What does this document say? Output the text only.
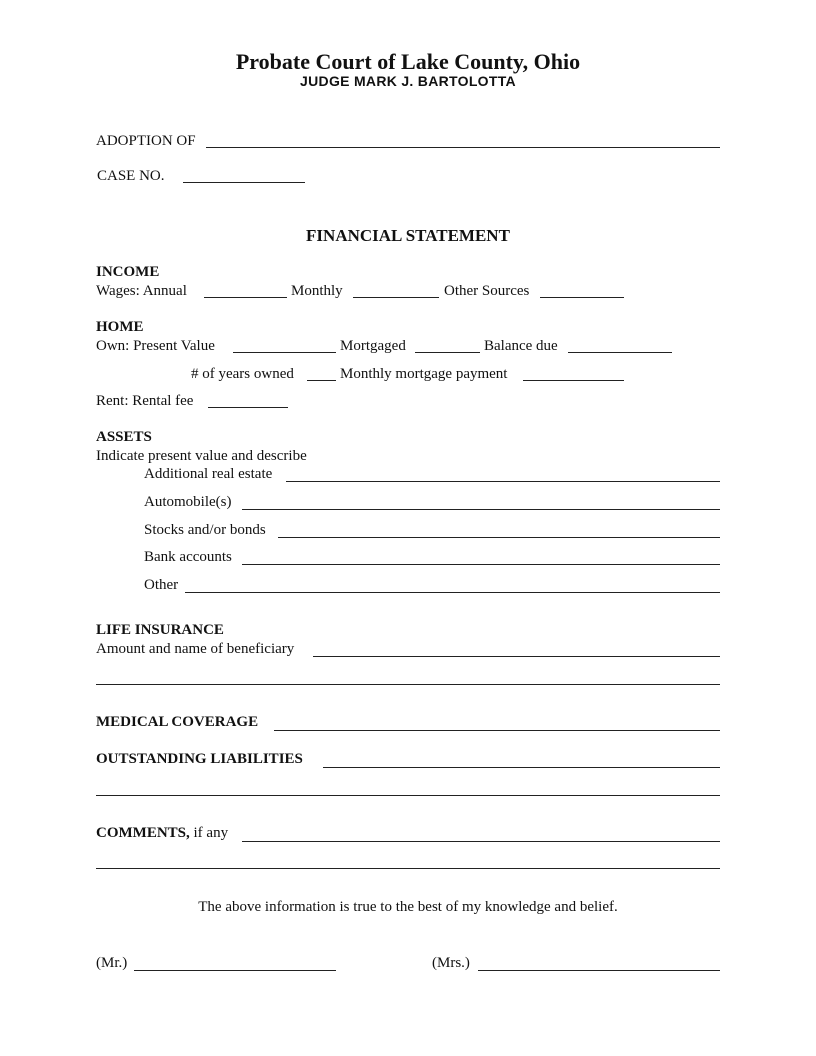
Probate Court of Lake County, Ohio
JUDGE MARK J. BARTOLOTTA
ADOPTION OF
CASE NO.
FINANCIAL STATEMENT
INCOME
Wages: Annual	Monthly	Other Sources
HOME
Own: Present Value	Mortgaged	Balance due
# of years owned	Monthly mortgage payment
Rent: Rental fee
ASSETS
Indicate present value and describe
Additional real estate
Automobile(s)
Stocks and/or bonds
Bank accounts
Other
LIFE INSURANCE
Amount and name of beneficiary
MEDICAL COVERAGE
OUTSTANDING LIABILITIES
COMMENTS, if any
The above information is true to the best of my knowledge and belief.
(Mr.)	(Mrs.)
